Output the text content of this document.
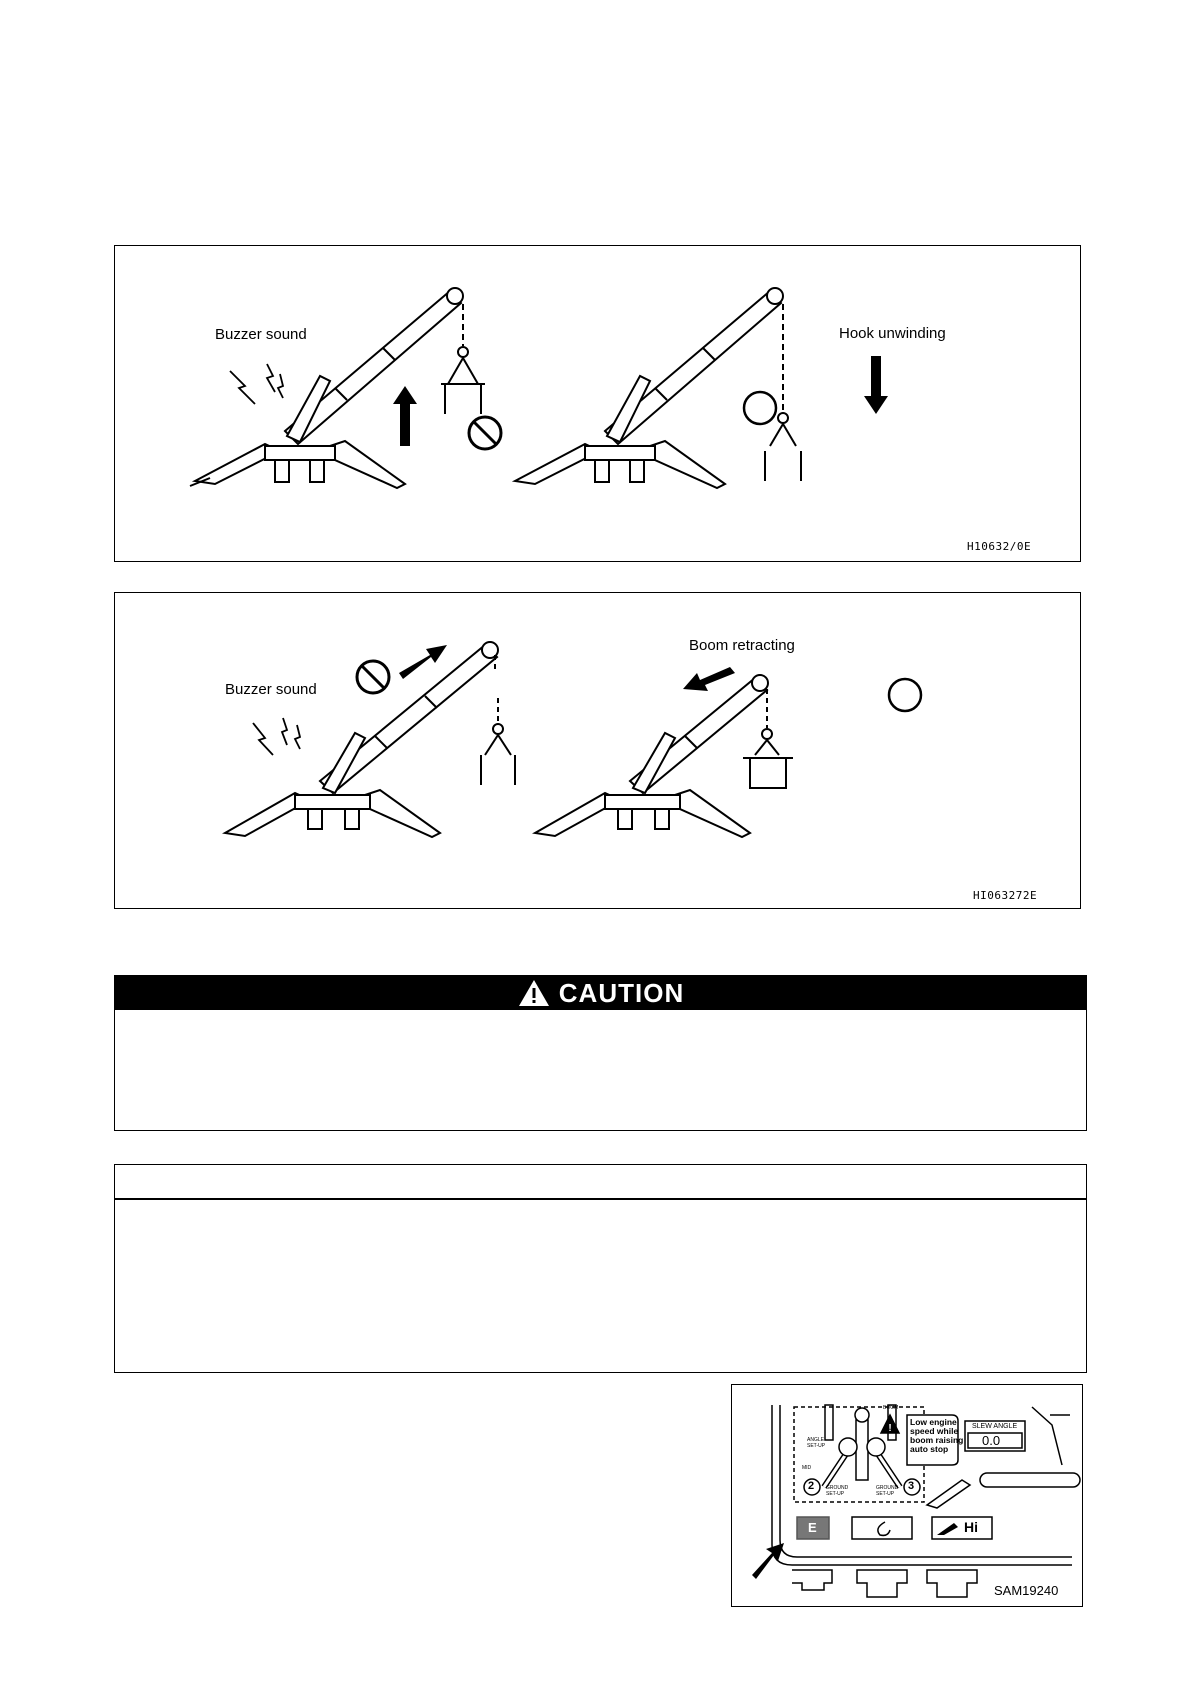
Buzzer sound	Hook unwinding
H10632/0E
Buzzer sound
Boom retracting
HI063272E
CAUTION
!
Low engine
speed while
boom raising
auto stop
SLEW ANGLE
0.0
BOOM
ANGLE
SET-UP
MID
GROUND
SET-UP
GROUND
SET-UP
2	3
E	Hi
SAM19240
